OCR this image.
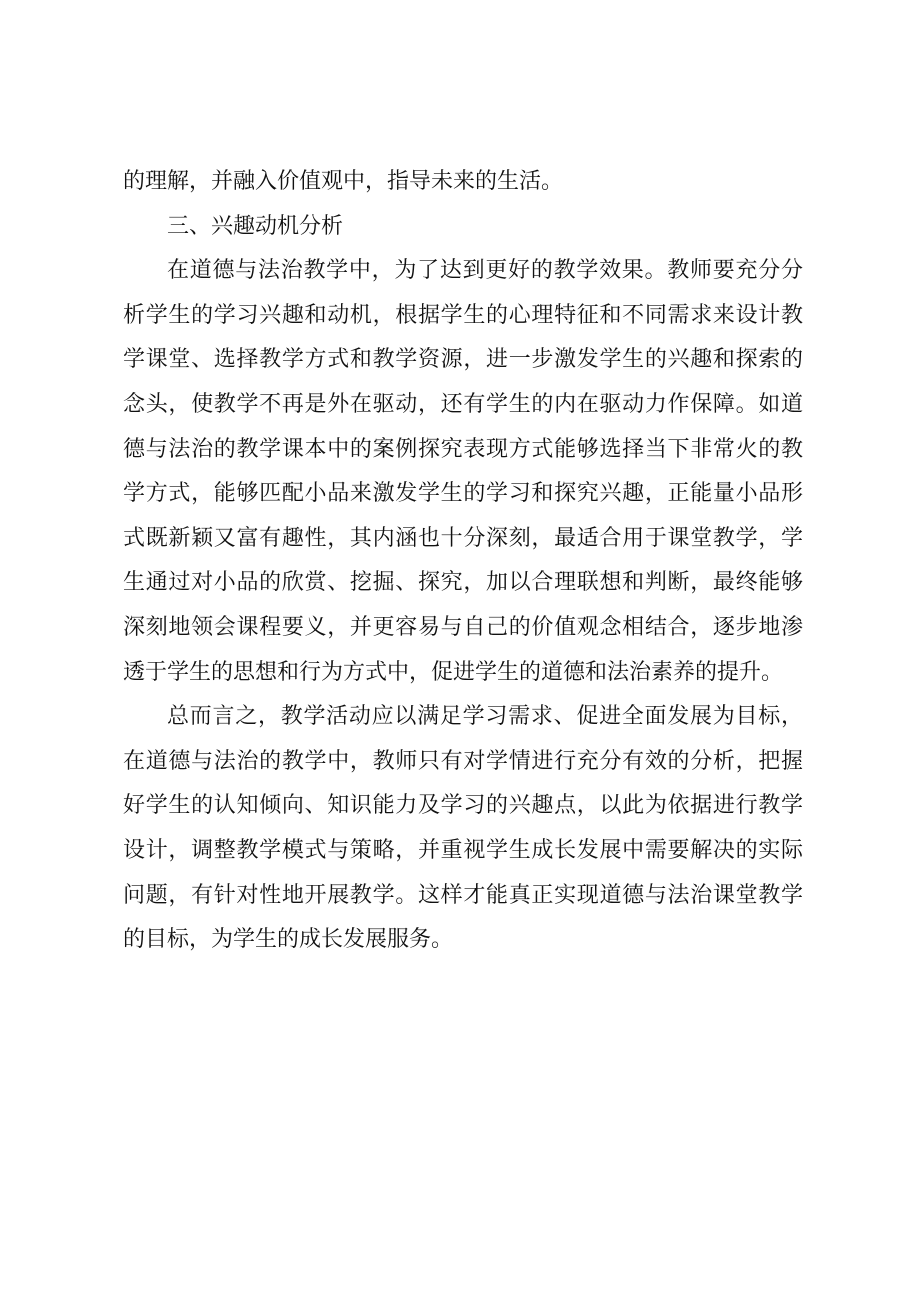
的理解，并融入价值观中，指导未来的生活。

三、兴趣动机分析

在道德与法治教学中，为了达到更好的教学效果。教师要充分分析学生的学习兴趣和动机，根据学生的心理特征和不同需求来设计教学课堂、选择教学方式和教学资源，进一步激发学生的兴趣和探索的念头，使教学不再是外在驱动，还有学生的内在驱动力作保障。如道德与法治的教学课本中的案例探究表现方式能够选择当下非常火的教学方式，能够匹配小品来激发学生的学习和探究兴趣，正能量小品形式既新颖又富有趣性，其内涵也十分深刻，最适合用于课堂教学，学生通过对小品的欣赏、挖掘、探究，加以合理联想和判断，最终能够深刻地领会课程要义，并更容易与自己的价值观念相结合，逐步地渗透于学生的思想和行为方式中，促进学生的道德和法治素养的提升。

总而言之，教学活动应以满足学习需求、促进全面发展为目标，在道德与法治的教学中，教师只有对学情进行充分有效的分析，把握好学生的认知倾向、知识能力及学习的兴趣点，以此为依据进行教学设计，调整教学模式与策略，并重视学生成长发展中需要解决的实际问题，有针对性地开展教学。这样才能真正实现道德与法治课堂教学的目标，为学生的成长发展服务。
